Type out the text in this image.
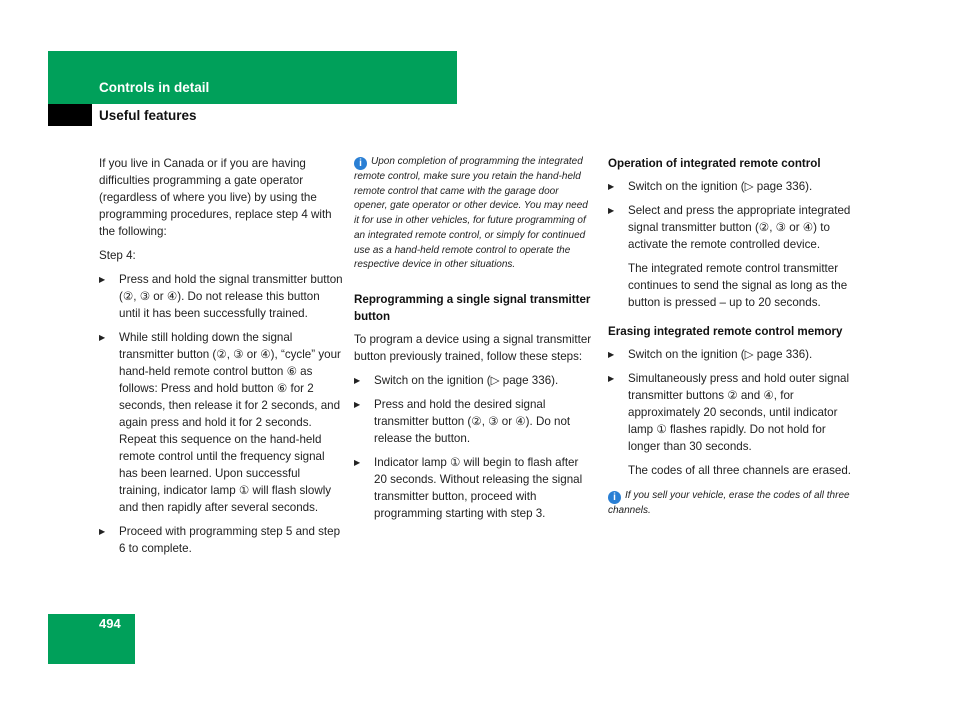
Controls in detail
Useful features

If you live in Canada or if you are having difficulties programming a gate operator (regardless of where you live) by using the programming procedures, replace step 4 with the following:

Step 4:

▶ Press and hold the signal transmitter button (②, ③ or ④). Do not release this button until it has been successfully trained.
▶ While still holding down the signal transmitter button (②, ③ or ④), “cycle” your hand-held remote control button ⑥ as follows: Press and hold button ⑥ for 2 seconds, then release it for 2 seconds, and again press and hold it for 2 seconds. Repeat this sequence on the hand-held remote control until the frequency signal has been learned. Upon successful training, indicator lamp ① will flash slowly and then rapidly after several seconds.
▶ Proceed with programming step 5 and step 6 to complete.
i Upon completion of programming the integrated remote control, make sure you retain the hand-held remote control that came with the garage door opener, gate operator or other device. You may need it for use in other vehicles, for future programming of an integrated remote control, or simply for continued use as a hand-held remote control to operate the respective device in other situations.
Reprogramming a single signal transmitter button

To program a device using a signal transmitter button previously trained, follow these steps:

▶ Switch on the ignition (▷ page 336).
▶ Press and hold the desired signal transmitter button (②, ③ or ④). Do not release the button.
▶ Indicator lamp ① will begin to flash after 20 seconds. Without releasing the signal transmitter button, proceed with programming starting with step 3.
Operation of integrated remote control
▶ Switch on the ignition (▷ page 336).
▶ Select and press the appropriate integrated signal transmitter button (②, ③ or ④) to activate the remote controlled device.

The integrated remote control transmitter continues to send the signal as long as the button is pressed – up to 20 seconds.

Erasing integrated remote control memory
▶ Switch on the ignition (▷ page 336).
▶ Simultaneously press and hold outer signal transmitter buttons ② and ④, for approximately 20 seconds, until indicator lamp ① flashes rapidly. Do not hold for longer than 30 seconds.

The codes of all three channels are erased.

i If you sell your vehicle, erase the codes of all three channels.
494
